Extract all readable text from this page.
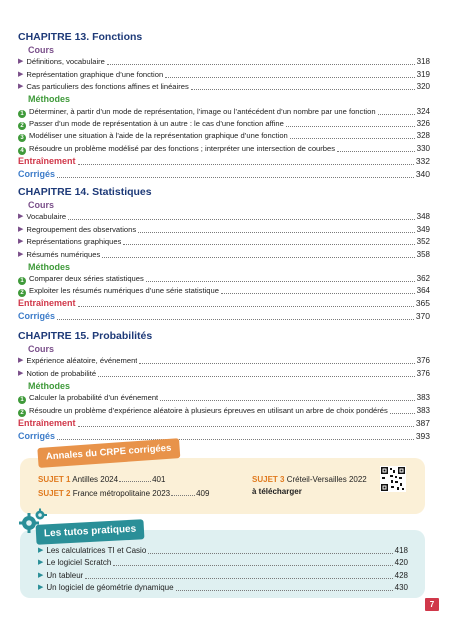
CHAPITRE 13. Fonctions
Cours
▶ Définitions, vocabulaire	318
▶ Représentation graphique d’une fonction	319
▶ Cas particuliers des fonctions affines et linéaires	320
Méthodes
1 Déterminer, à partir d’un mode de représentation, l’image ou l’antécédent d’un nombre par une fonction	324
2 Passer d’un mode de représentation à un autre : le cas d’une fonction affine	326
3 Modéliser une situation à l’aide de la représentation graphique d’une fonction	328
4 Résoudre un problème modélisé par des fonctions ; interpréter une intersection de courbes	330
Entraînement	332
Corrigés	340
CHAPITRE 14. Statistiques
Cours
▶ Vocabulaire	348
▶ Regroupement des observations	349
▶ Représentations graphiques	352
▶ Résumés numériques	358
Méthodes
1 Comparer deux séries statistiques	362
2 Exploiter les résumés numériques d’une série statistique	364
Entraînement	365
Corrigés	370
CHAPITRE 15. Probabilités
Cours
▶ Expérience aléatoire, événement	376
▶ Notion de probabilité	376
Méthodes
1 Calculer la probabilité d’un événement	383
2 Résoudre un problème d’expérience aléatoire à plusieurs épreuves en utilisant un arbre de choix pondérés	383
Entraînement	387
Corrigés	393
Annales du CRPE corrigées
SUJET 1 Antilles 2024	401
SUJET 2 France métropolitaine 2023	409
SUJET 3 Créteil-Versailles 2022
à télécharger
Les tutos pratiques
▶ Les calculatrices TI et Casio	418
▶ Le logiciel Scratch	420
▶ Un tableur	428
▶ Un logiciel de géométrie dynamique	430
7
